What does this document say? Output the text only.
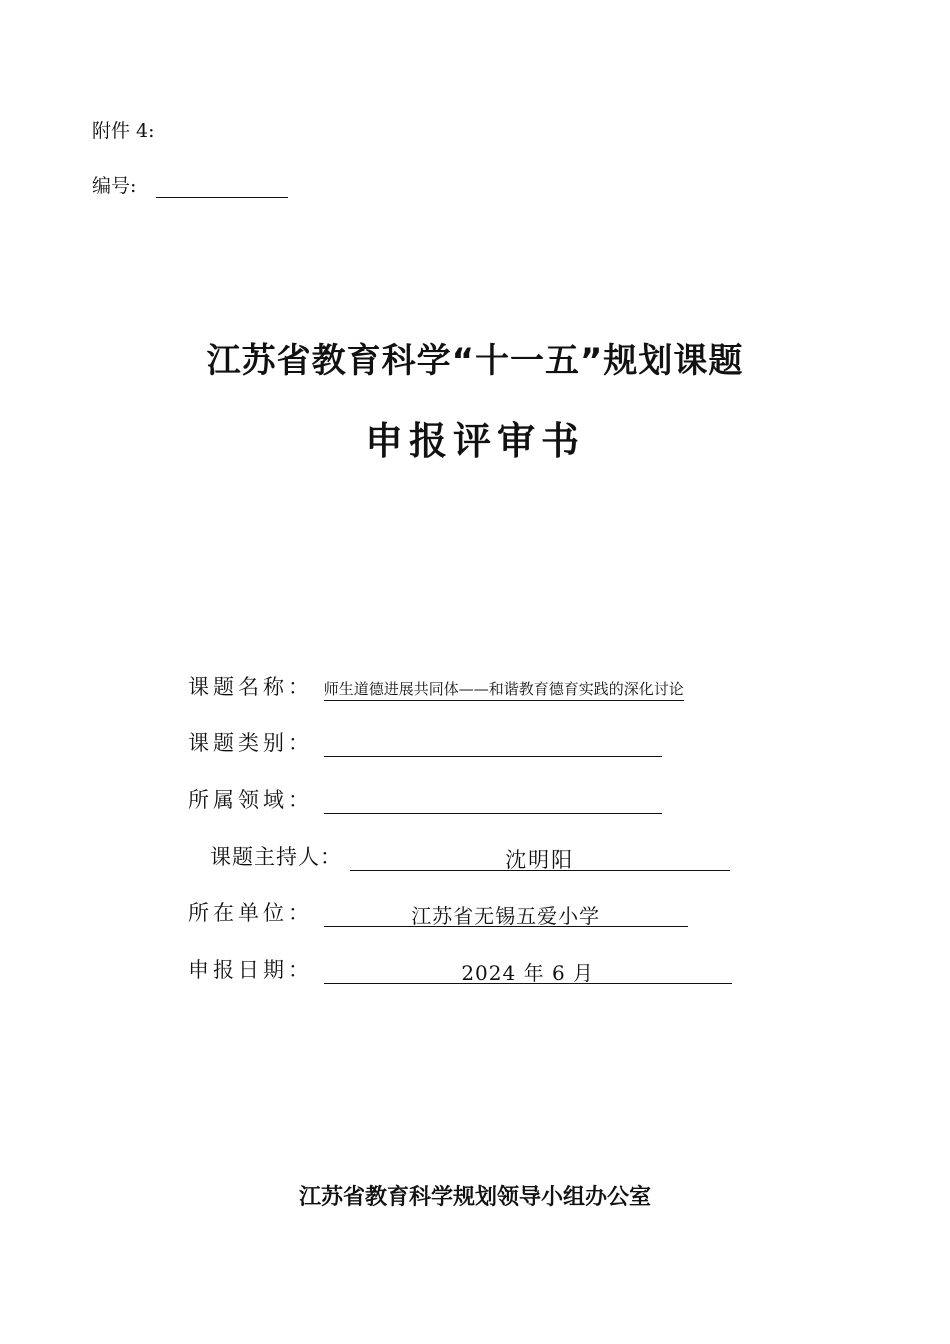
附件 4:
编号:
江苏省教育科学“十一五”规划课题
申报评审书
课题名称： 师生道德进展共同体——和谐教育德育实践的深化讨论
课题类别：
所属领域：
课题主持人：	沈明阳
所在单位：	江苏省无锡五爱小学
申报日期：	2024 年 6 月
江苏省教育科学规划领导小组办公室
